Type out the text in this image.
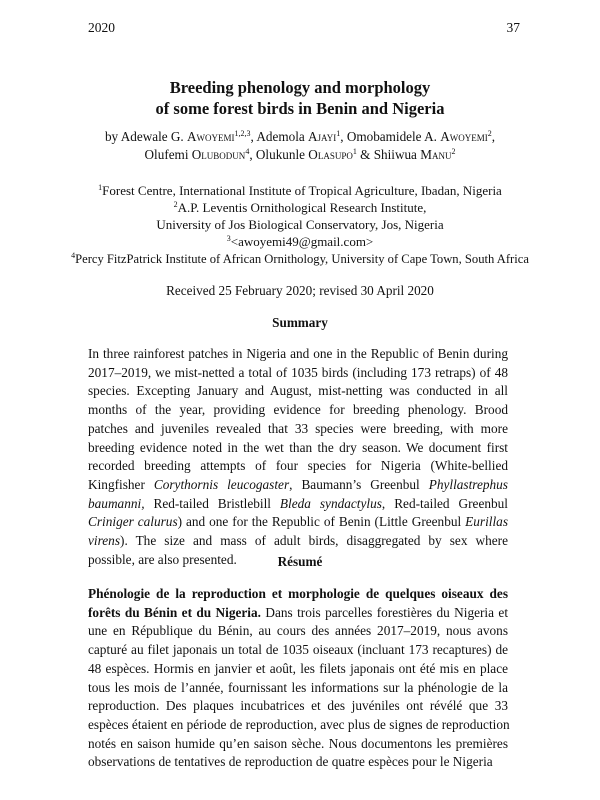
2020	37
Breeding phenology and morphology
of some forest birds in Benin and Nigeria
by Adewale G. Awoyemi$^{1,2,3}$, Ademola Ajayi$^1$, Omobamidele A. Awoyemi$^2$,
Olufemi Olubodun$^4$, Olukunle Olasupo$^1$ & Shiiwua Manu$^2$
$^1$Forest Centre, International Institute of Tropical Agriculture, Ibadan, Nigeria
$^2$A.P. Leventis Ornithological Research Institute,
University of Jos Biological Conservatory, Jos, Nigeria
$^3$<awoyemi49@gmail.com>
$^4$Percy FitzPatrick Institute of African Ornithology, University of Cape Town, South Africa
Received 25 February 2020; revised 30 April 2020
Summary
In three rainforest patches in Nigeria and one in the Republic of Benin during
2017–2019, we mist-netted a total of 1035 birds (including 173 retraps) of 48
species. Excepting January and August, mist-netting was conducted in all
months of the year, providing evidence for breeding phenology. Brood
patches and juveniles revealed that 33 species were breeding, with more
breeding evidence noted in the wet than the dry season. We document first
recorded breeding attempts of four species for Nigeria (White-bellied
Kingfisher Corythornis leucogaster, Baumann’s Greenbul Phyllastrephus
baumanni, Red-tailed Bristlebill Bleda syndactylus, Red-tailed Greenbul
Criniger calurus) and one for the Republic of Benin (Little Greenbul Eurillas
virens). The size and mass of adult birds, disaggregated by sex where
possible, are also presented.	Résumé
Phénologie de la reproduction et morphologie de quelques oiseaux des
forêts du Bénin et du Nigeria. Dans trois parcelles forestières du Nigeria et
une en République du Bénin, au cours des années 2017–2019, nous avons
capturé au filet japonais un total de 1035 oiseaux (incluant 173 recaptures) de
48 espèces. Hormis en janvier et août, les filets japonais ont été mis en place
tous les mois de l’année, fournissant les informations sur la phénologie de la
reproduction. Des plaques incubatrices et des juvéniles ont révélé que 33
espèces étaient en période de reproduction, avec plus de signes de reproduction
notés en saison humide qu’en saison sèche. Nous documentons les premières
observations de tentatives de reproduction de quatre espèces pour le Nigeria
